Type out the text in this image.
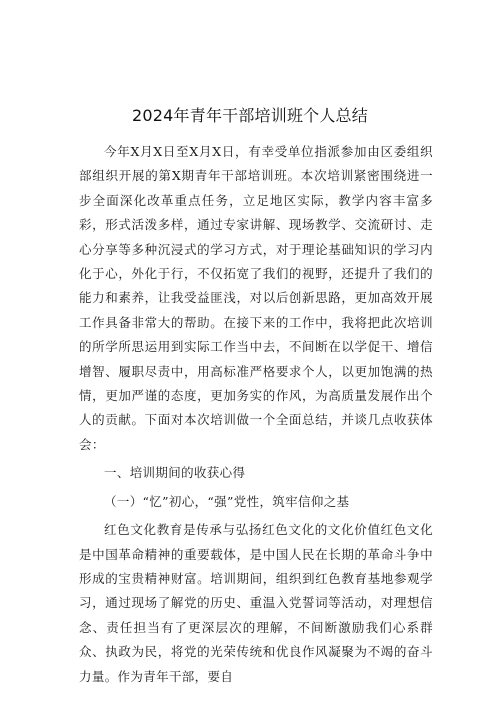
2024年青年干部培训班个人总结

今年X月X日至X月X日，有幸受单位指派参加由区委组织部组织开展的第X期青年干部培训班。本次培训紧密围绕进一步全面深化改革重点任务，立足地区实际，教学内容丰富多彩，形式活泼多样，通过专家讲解、现场教学、交流研讨、走心分享等多种沉浸式的学习方式，对于理论基础知识的学习内化于心，外化于行，不仅拓宽了我们的视野，还提升了我们的能力和素养，让我受益匪浅，对以后创新思路，更加高效开展工作具备非常大的帮助。在接下来的工作中，我将把此次培训的所学所思运用到实际工作当中去，不间断在以学促干、增信增智、履职尽责中，用高标准严格要求个人，以更加饱满的热情，更加严谨的态度，更加务实的作风，为高质量发展作出个人的贡献。下面对本次培训做一个全面总结，并谈几点收获体会：

一、培训期间的收获心得

（一）“忆”初心，“强”党性，筑牢信仰之基

红色文化教育是传承与弘扬红色文化的文化价值红色文化是中国革命精神的重要载体，是中国人民在长期的革命斗争中形成的宝贵精神财富。培训期间，组织到红色教育基地参观学习，通过现场了解党的历史、重温入党誓词等活动，对理想信念、责任担当有了更深层次的理解，不间断激励我们心系群众、执政为民，将党的光荣传统和优良作风凝聚为不竭的奋斗力量。作为青年干部，要自
